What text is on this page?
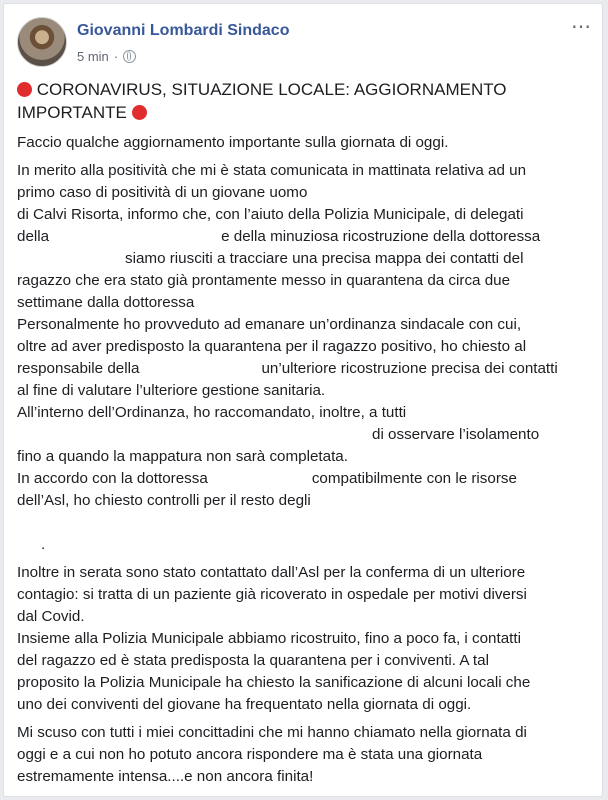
Giovanni Lombardi Sindaco
5 min ·
⋯

CORONAVIRUS, SITUAZIONE LOCALE: AGGIORNAMENTO IMPORTANTE

Faccio qualche aggiornamento importante sulla giornata di oggi.

In merito alla positività che mi è stata comunicata in mattinata relativa ad un
primo caso di positività di un giovane uomo
di Calvi Risorta, informo che, con l’aiuto della Polizia Municipale, di delegati
della	e della minuziosa ricostruzione della dottoressa
siamo riusciti a tracciare una precisa mappa dei contatti del
ragazzo che era stato già prontamente messo in quarantena da circa due
settimane dalla dottoressa
Personalmente ho provveduto ad emanare un’ordinanza sindacale con cui,
oltre ad aver predisposto la quarantena per il ragazzo positivo, ho chiesto al
responsabile della	un’ulteriore ricostruzione precisa dei contatti
al fine di valutare l’ulteriore gestione sanitaria.
All’interno dell’Ordinanza, ho raccomandato, inoltre, a tutti
di osservare l’isolamento
fino a quando la mappatura non sarà completata.
In accordo con la dottoressa	compatibilmente con le risorse
dell’Asl, ho chiesto controlli per il resto degli

.

Inoltre in serata sono stato contattato dall’Asl per la conferma di un ulteriore
contagio: si tratta di un paziente già ricoverato in ospedale per motivi diversi
dal Covid.
Insieme alla Polizia Municipale abbiamo ricostruito, fino a poco fa, i contatti
del ragazzo ed è stata predisposta la quarantena per i conviventi. A tal
proposito la Polizia Municipale ha chiesto la sanificazione di alcuni locali che
uno dei conviventi del giovane ha frequentato nella giornata di oggi.

Mi scuso con tutti i miei concittadini che mi hanno chiamato nella giornata di
oggi e a cui non ho potuto ancora rispondere ma è stata una giornata
estremamente intensa....e non ancora finita!
